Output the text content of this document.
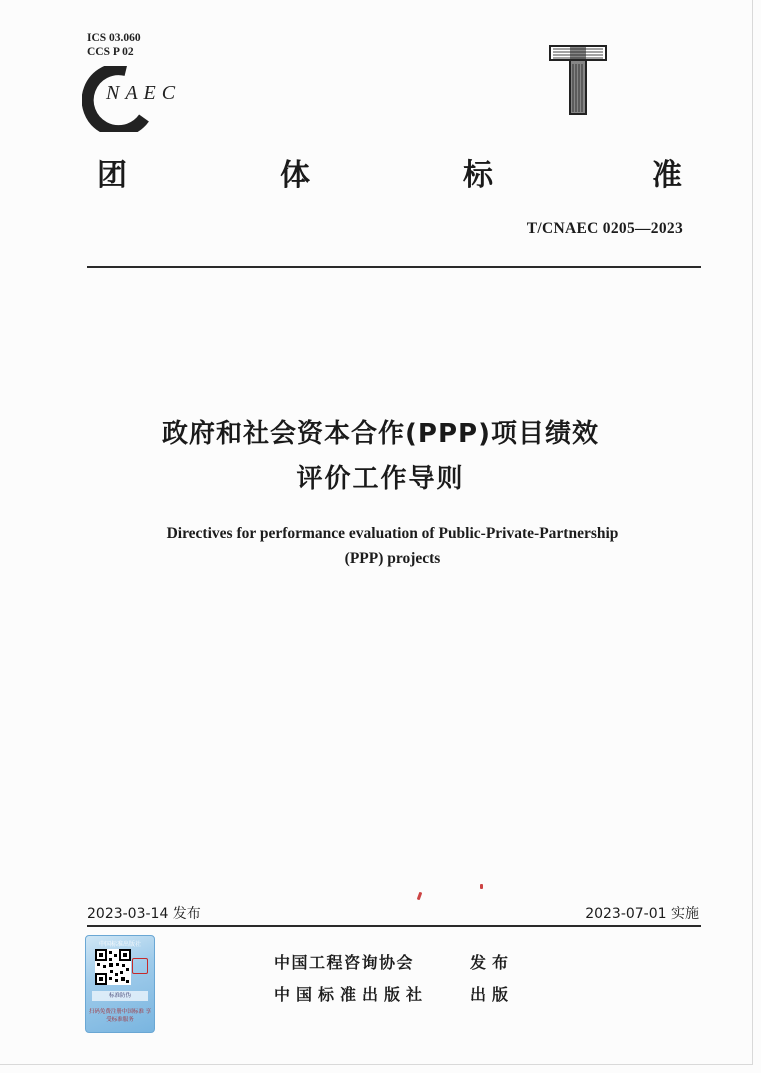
ICS 03.060
CCS P 02
NAEC
团	体	标	准
T/CNAEC 0205—2023
政府和社会资本合作(PPP)项目绩效
评价工作导则
Directives for performance evaluation of Public-Private-Partnership
(PPP) projects
2023-03-14 发布	2023-07-01 实施
中国标准出版社
标准防伪
扫码免费注册中国标准 享受标准服务
中国工程咨询协会	发布
中国标准出版社	出版
